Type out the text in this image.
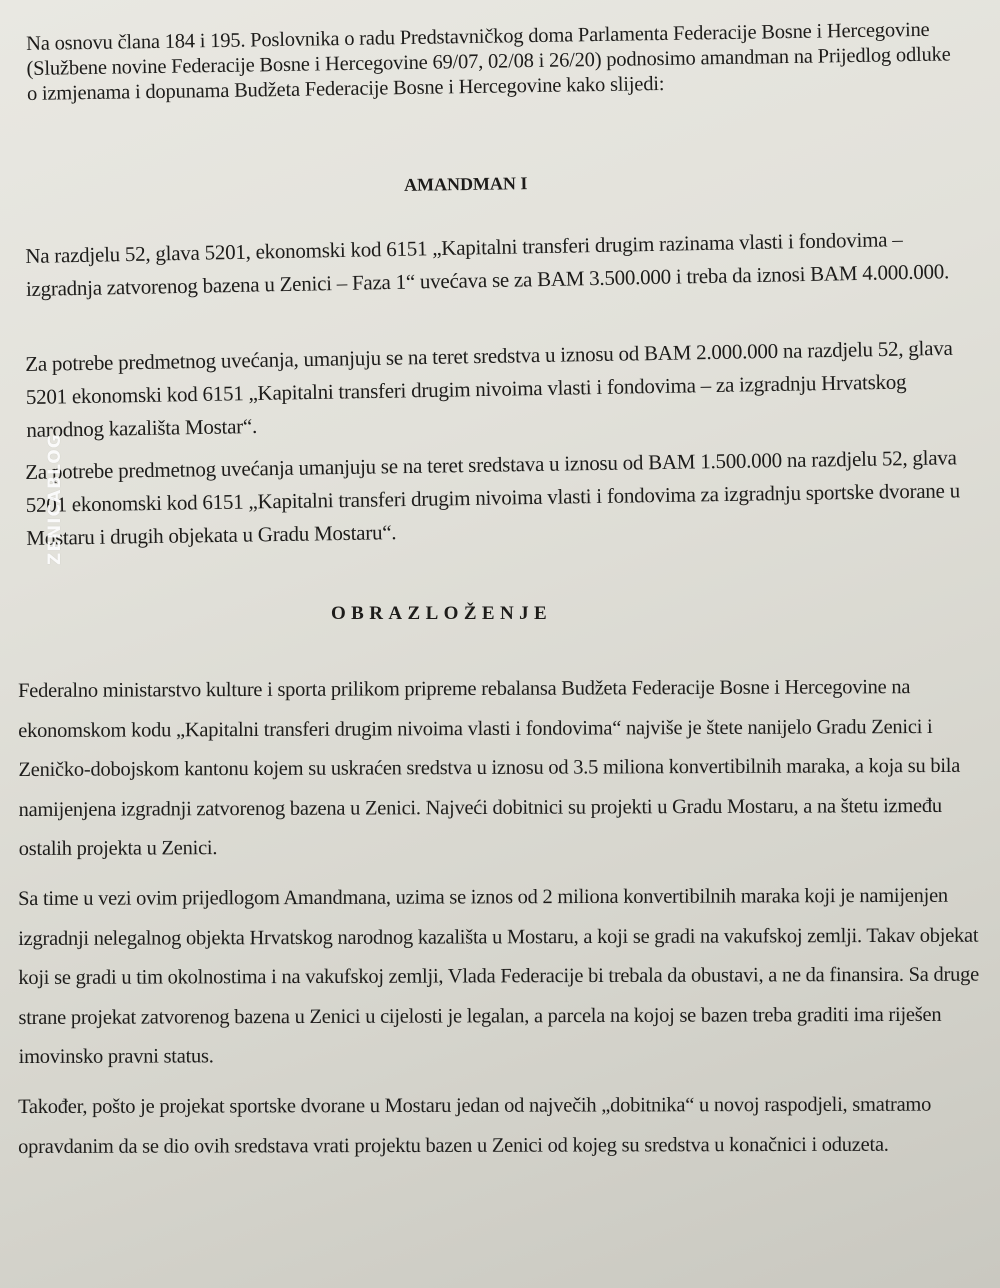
Na osnovu člana 184 i 195. Poslovnika o radu Predstavničkog doma Parlamenta Federacije Bosne i Hercegovine (Službene novine Federacije Bosne i Hercegovine 69/07, 02/08 i 26/20) podnosimo amandman na Prijedlog odluke o izmjenama i dopunama Budžeta Federacije Bosne i Hercegovine kako slijedi:

AMANDMAN I

Na razdjelu 52, glava 5201, ekonomski kod 6151 „Kapitalni transferi drugim razinama vlasti i fondovima – izgradnja zatvorenog bazena u Zenici – Faza 1“ uvećava se za BAM 3.500.000 i treba da iznosi BAM 4.000.000.

Za potrebe predmetnog uvećanja, umanjuju se na teret sredstva u iznosu od BAM 2.000.000 na razdjelu 52, glava 5201 ekonomski kod 6151 „Kapitalni transferi drugim nivoima vlasti i fondovima – za izgradnju Hrvatskog narodnog kazališta Mostar“.

Za potrebe predmetnog uvećanja umanjuju se na teret sredstava u iznosu od BAM 1.500.000 na razdjelu 52, glava 5201 ekonomski kod 6151 „Kapitalni transferi drugim nivoima vlasti i fondovima za izgradnju sportske dvorane u Mostaru i drugih objekata u Gradu Mostaru“.

OBRAZLOŽENJE

Federalno ministarstvo kulture i sporta prilikom pripreme rebalansa Budžeta Federacije Bosne i Hercegovine na ekonomskom kodu „Kapitalni transferi drugim nivoima vlasti i fondovima“ najviše je štete nanijelo Gradu Zenici i Zeničko-dobojskom kantonu kojem su uskraćen sredstva u iznosu od 3.5 miliona konvertibilnih maraka, a koja su bila namijenjena izgradnji zatvorenog bazena u Zenici. Najveći dobitnici su projekti u Gradu Mostaru, a na štetu između ostalih projekta u Zenici.

Sa time u vezi ovim prijedlogom Amandmana, uzima se iznos od 2 miliona konvertibilnih maraka koji je namijenjen izgradnji nelegalnog objekta Hrvatskog narodnog kazališta u Mostaru, a koji se gradi na vakufskoj zemlji. Takav objekat koji se gradi u tim okolnostima i na vakufskoj zemlji, Vlada Federacije bi trebala da obustavi, a ne da finansira. Sa druge strane projekat zatvorenog bazena u Zenici u cijelosti je legalan, a parcela na kojoj se bazen treba graditi ima riješen imovinsko pravni status.

Također, pošto je projekat sportske dvorane u Mostaru jedan od največih „dobitnika“ u novoj raspodjeli, smatramo opravdanim da se dio ovih sredstava vrati projektu bazen u Zenici od kojeg su sredstva u konačnici i oduzeta.

ZENICABLOG
